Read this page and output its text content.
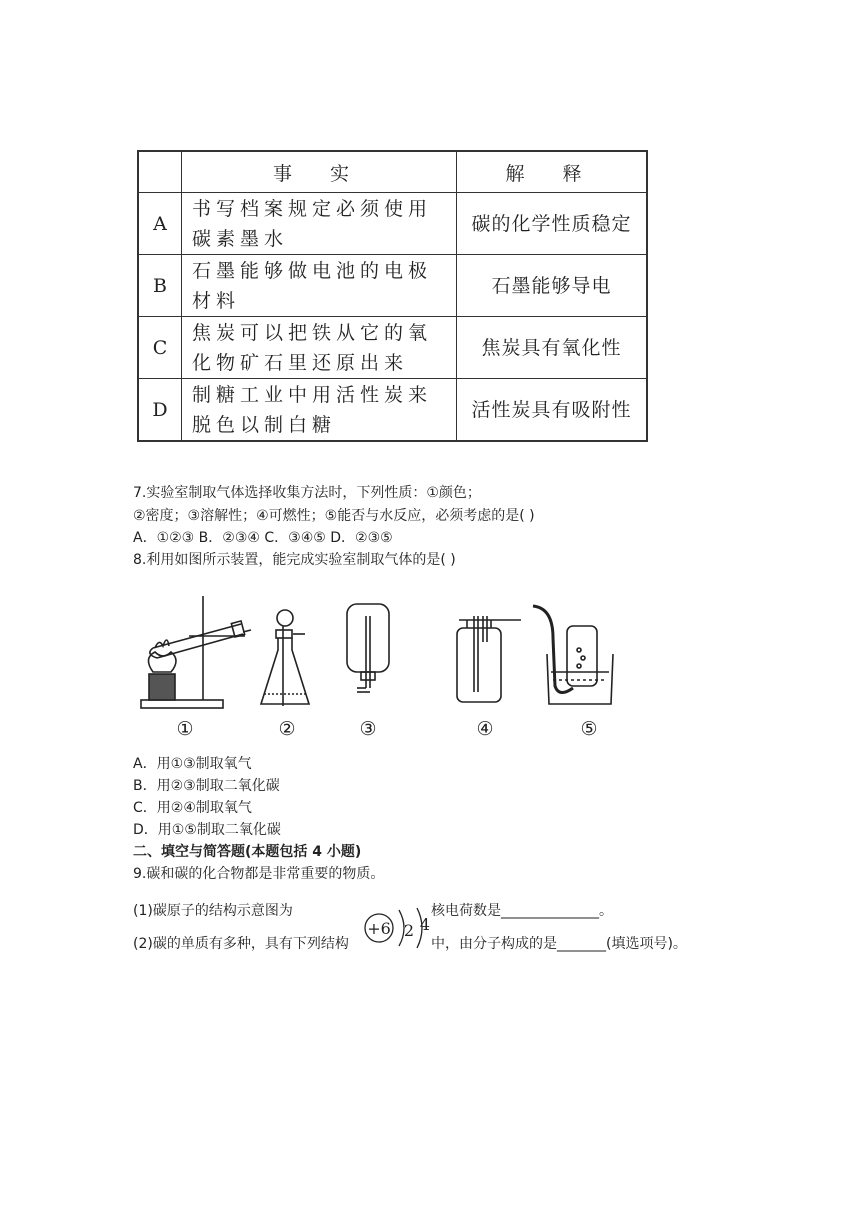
	事 实	解 释
A	书写档案规定必须使用碳素墨水	碳的化学性质稳定
B	石墨能够做电池的电极材料	石墨能够导电
C	焦炭可以把铁从它的氧化物矿石里还原出来	焦炭具有氧化性
D	制糖工业中用活性炭来脱色以制白糖	活性炭具有吸附性
7.实验室制取气体选择收集方法时，下列性质：①颜色；
②密度；③溶解性；④可燃性；⑤能否与水反应，必须考虑的是( )
A．①②③ B．②③④ C．③④⑤ D．②③⑤
8.利用如图所示装置，能完成实验室制取气体的是( )
①	②	③	④	⑤
A．用①③制取氧气
B．用②③制取二氧化碳
C．用②④制取氧气
D．用①⑤制取二氧化碳
二、填空与简答题(本题包括 4 小题)
9.碳和碳的化合物都是非常重要的物质。
(1)碳原子的结构示意图为	核电荷数是______________。
+6 2 4
(2)碳的单质有多种，具有下列结构	中，由分子构成的是_______(填选项号)。
